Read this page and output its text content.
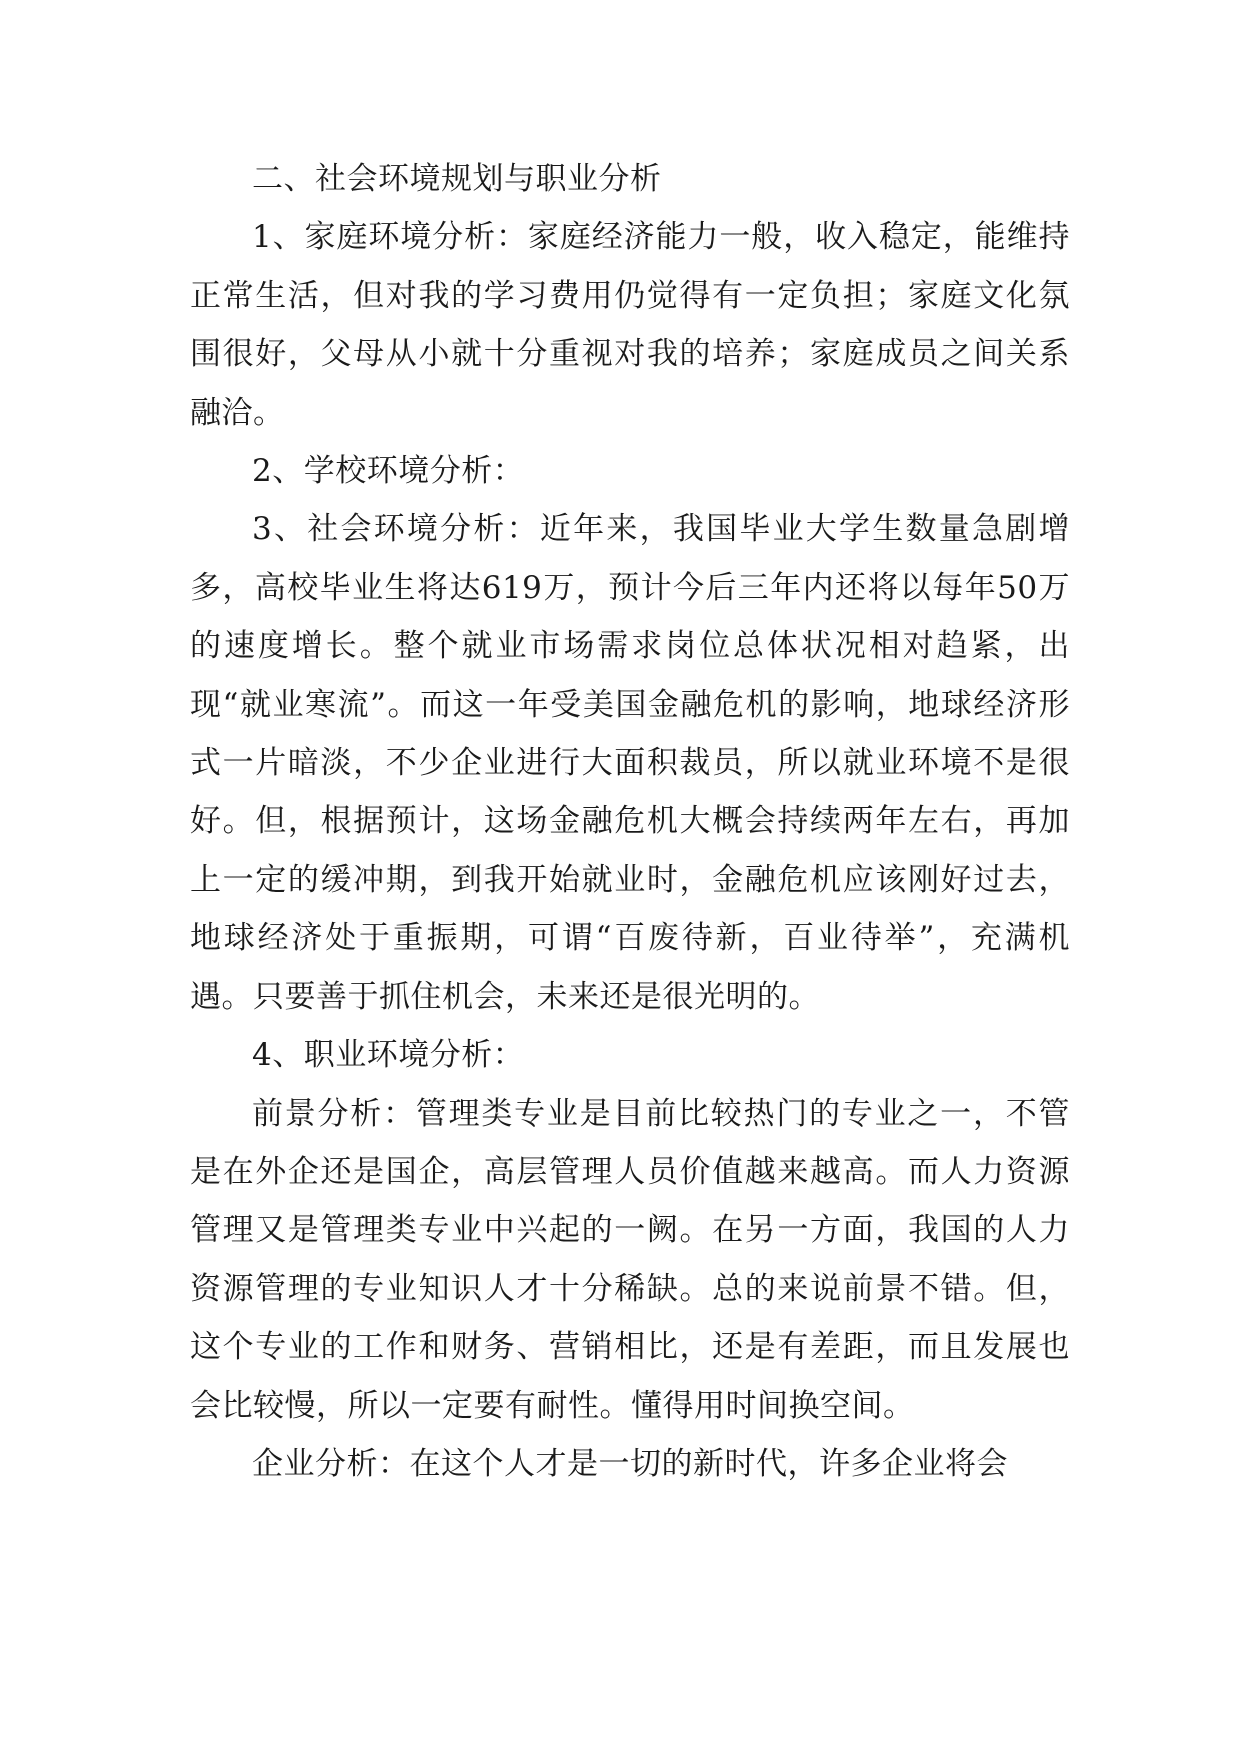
二、社会环境规划与职业分析

1、家庭环境分析：家庭经济能力一般，收入稳定，能维持正常生活，但对我的学习费用仍觉得有一定负担；家庭文化氛围很好，父母从小就十分重视对我的培养；家庭成员之间关系融洽。

2、学校环境分析：

3、社会环境分析：近年来，我国毕业大学生数量急剧增多，高校毕业生将达619万，预计今后三年内还将以每年50万的速度增长。整个就业市场需求岗位总体状况相对趋紧，出现“就业寒流”。而这一年受美国金融危机的影响，地球经济形式一片暗淡，不少企业进行大面积裁员，所以就业环境不是很好。但，根据预计，这场金融危机大概会持续两年左右，再加上一定的缓冲期，到我开始就业时，金融危机应该刚好过去，地球经济处于重振期，可谓“百废待新，百业待举”，充满机遇。只要善于抓住机会，未来还是很光明的。

4、职业环境分析：

前景分析：管理类专业是目前比较热门的专业之一，不管是在外企还是国企，高层管理人员价值越来越高。而人力资源管理又是管理类专业中兴起的一阙。在另一方面，我国的人力资源管理的专业知识人才十分稀缺。总的来说前景不错。但，这个专业的工作和财务、营销相比，还是有差距，而且发展也会比较慢，所以一定要有耐性。懂得用时间换空间。

企业分析：在这个人才是一切的新时代，许多企业将会
